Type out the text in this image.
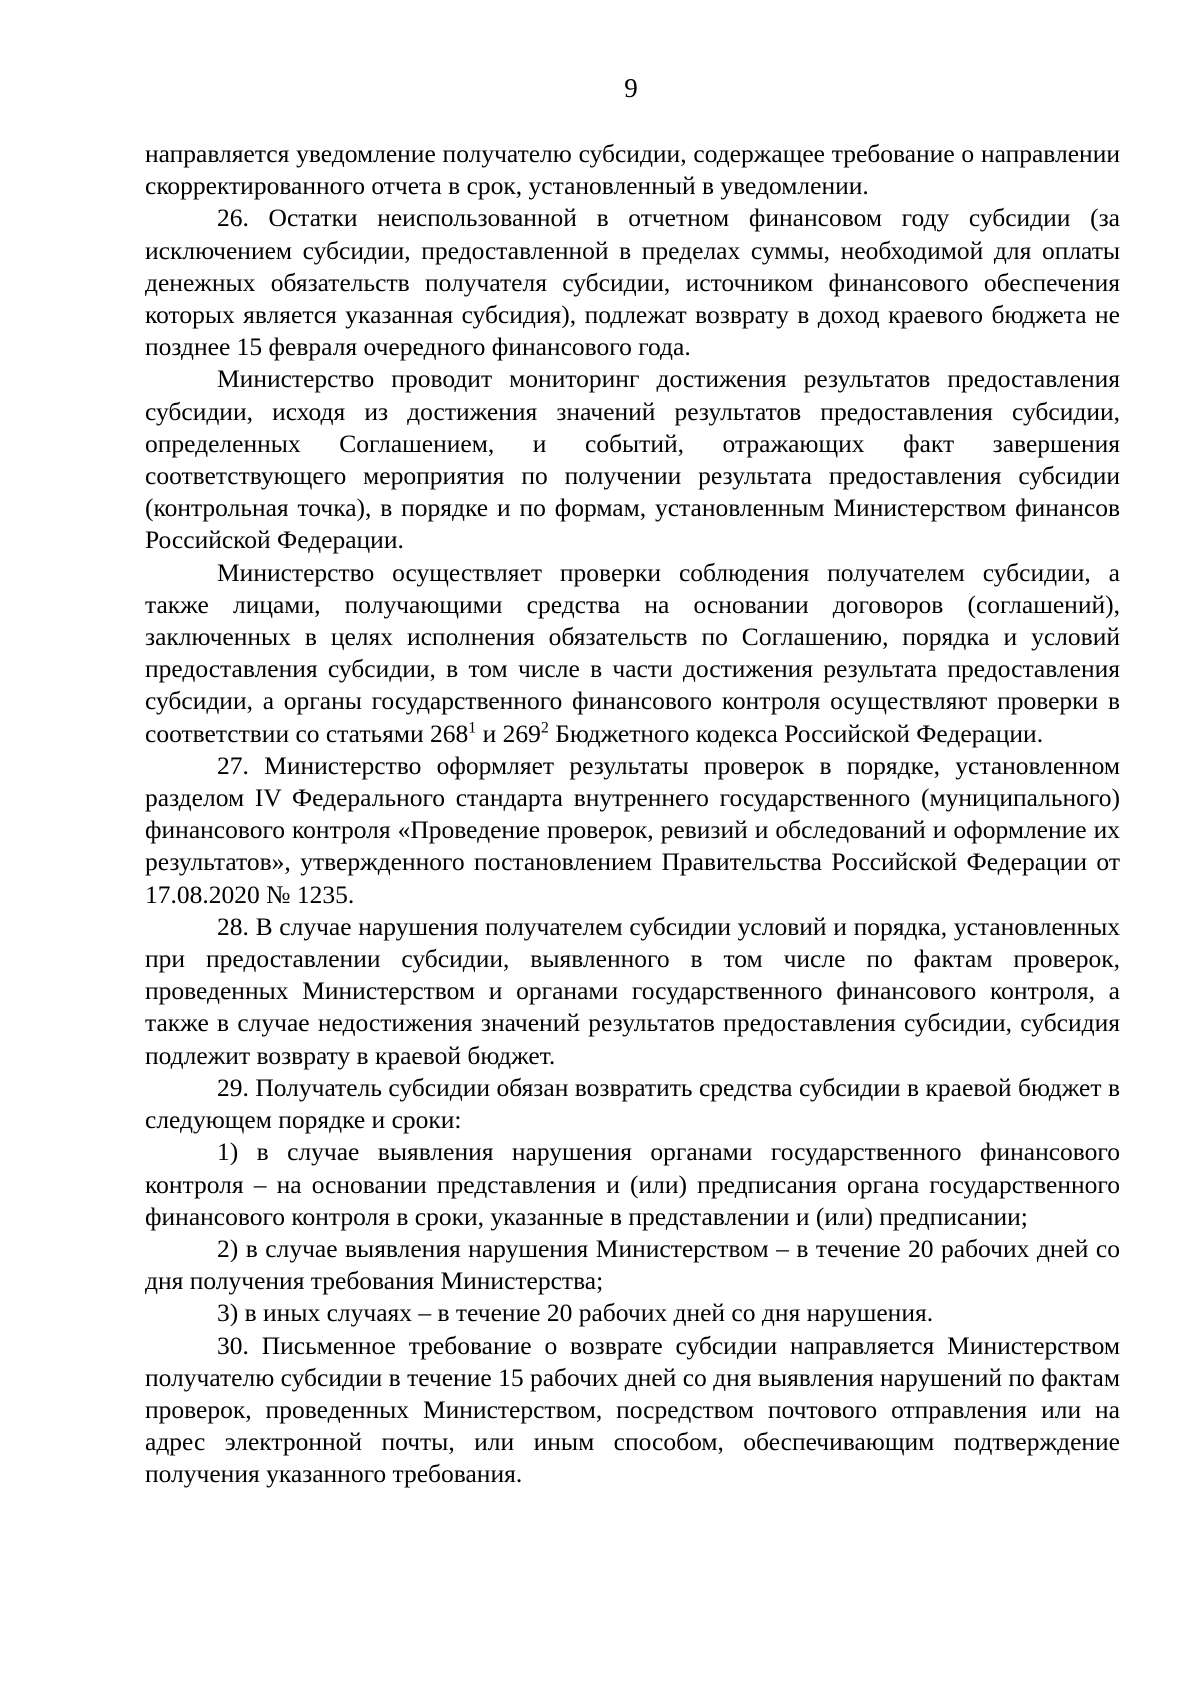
9

направляется уведомление получателю субсидии, содержащее требование о направлении скорректированного отчета в срок, установленный в уведомлении.

26. Остатки неиспользованной в отчетном финансовом году субсидии (за исключением субсидии, предоставленной в пределах суммы, необходимой для оплаты денежных обязательств получателя субсидии, источником финансового обеспечения которых является указанная субсидия), подлежат возврату в доход краевого бюджета не позднее 15 февраля очередного финансового года.

Министерство проводит мониторинг достижения результатов предоставления субсидии, исходя из достижения значений результатов предоставления субсидии, определенных Соглашением, и событий, отражающих факт завершения соответствующего мероприятия по получении результата предоставления субсидии (контрольная точка), в порядке и по формам, установленным Министерством финансов Российской Федерации.

Министерство осуществляет проверки соблюдения получателем субсидии, а также лицами, получающими средства на основании договоров (соглашений), заключенных в целях исполнения обязательств по Соглашению, порядка и условий предоставления субсидии, в том числе в части достижения результата предоставления субсидии, а органы государственного финансового контроля осуществляют проверки в соответствии со статьями $268^1$ и $269^2$ Бюджетного кодекса Российской Федерации.

27. Министерство оформляет результаты проверок в порядке, установленном разделом IV Федерального стандарта внутреннего государственного (муниципального) финансового контроля «Проведение проверок, ревизий и обследований и оформление их результатов», утвержденного постановлением Правительства Российской Федерации от 17.08.2020 № 1235.

28. В случае нарушения получателем субсидии условий и порядка, установленных при предоставлении субсидии, выявленного в том числе по фактам проверок, проведенных Министерством и органами государственного финансового контроля, а также в случае недостижения значений результатов предоставления субсидии, субсидия подлежит возврату в краевой бюджет.

29. Получатель субсидии обязан возвратить средства субсидии в краевой бюджет в следующем порядке и сроки:

1) в случае выявления нарушения органами государственного финансового контроля – на основании представления и (или) предписания органа государственного финансового контроля в сроки, указанные в представлении и (или) предписании;

2) в случае выявления нарушения Министерством – в течение 20 рабочих дней со дня получения требования Министерства;

3) в иных случаях – в течение 20 рабочих дней со дня нарушения.

30. Письменное требование о возврате субсидии направляется Министерством получателю субсидии в течение 15 рабочих дней со дня выявления нарушений по фактам проверок, проведенных Министерством, посредством почтового отправления или на адрес электронной почты, или иным способом, обеспечивающим подтверждение получения указанного требования.
